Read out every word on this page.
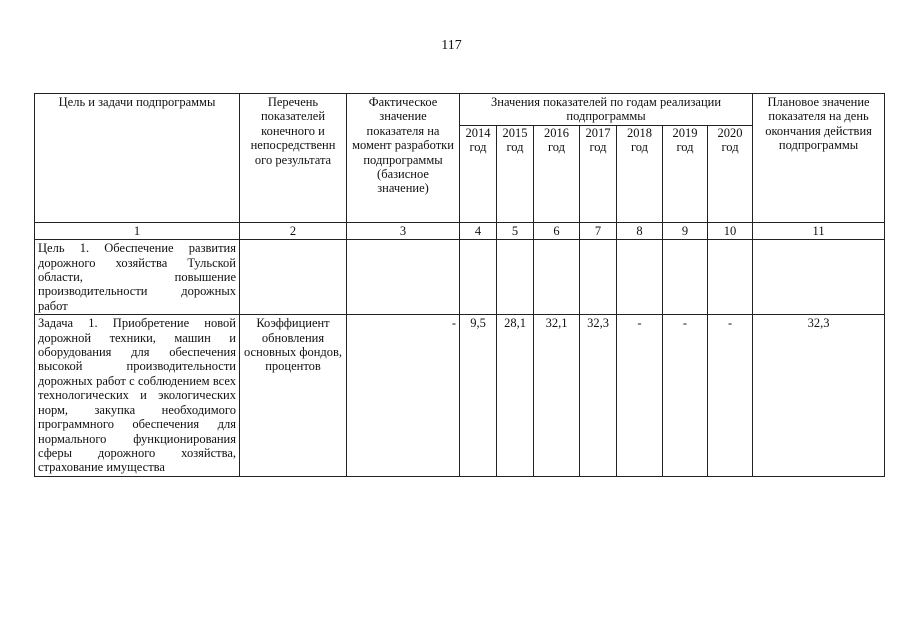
117
Цель и задачи подпрограммы	Перечень показателей конечного и непосредственн ого результата	Фактическое значение показателя на момент разработки подпрограммы (базисное значение)	Значения показателей по годам реализации подпрограммы							Плановое значение показателя на день окончания действия подпрограммы
			2014 год	2015 год	2016 год	2017 год	2018 год	2019 год	2020 год	
1	2	3	4	5	6	7	8	9	10	11
Цель 1. Обеспечение развития дорожного хозяйства Тульской области, повышение производительности дорожных работ										
Задача 1. Приобретение новой дорожной техники, машин и оборудования для обеспечения высокой производительности дорожных работ с соблюдением всех технологических и экологических норм, закупка необходимого программного обеспечения для нормального функционирования сферы дорожного хозяйства, страхование имущества	Коэффициент обновления основных фондов, процентов	-	9,5	28,1	32,1	32,3	-	-	-	32,3
